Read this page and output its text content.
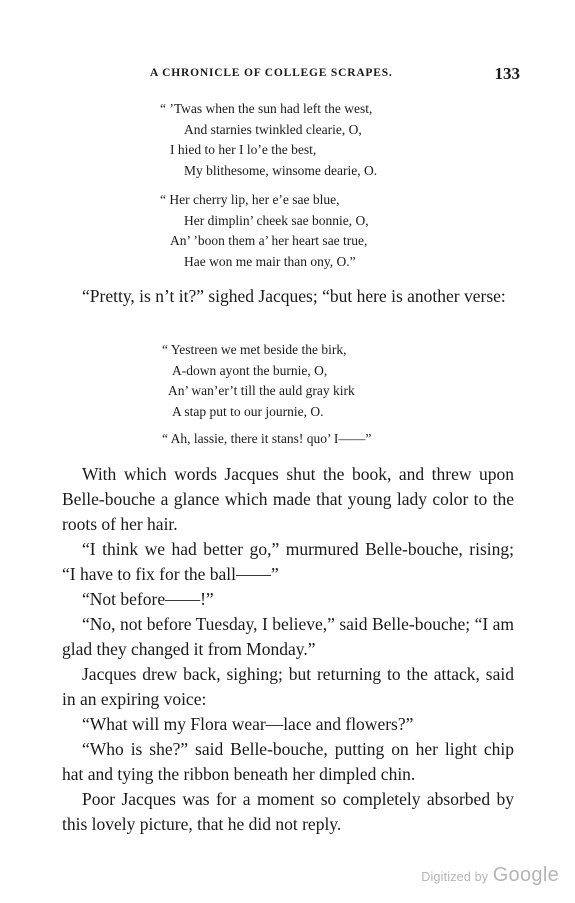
A CHRONICLE OF COLLEGE SCRAPES.	133
“ ’Twas when the sun had left the west,
And starnies twinkled clearie, O,
I hied to her I lo’e the best,
My blithesome, winsome dearie, O.
“ Her cherry lip, her e’e sae blue,
Her dimplin’ cheek sae bonnie, O,
An’ ’boon them a’ her heart sae true,
Hae won me mair than ony, O.”

“Pretty, is n’t it?” sighed Jacques; “but here is another verse:

“ Yestreen we met beside the birk,
A-down ayont the burnie, O,
An’ wan’er’t till the auld gray kirk
A stap put to our journie, O.
“ Ah, lassie, there it stans! quo’ I——”

With which words Jacques shut the book, and threw upon Belle-bouche a glance which made that young lady color to the roots of her hair.

“I think we had better go,” murmured Belle-bouche, rising; “I have to fix for the ball——”

“Not before——!”

“No, not before Tuesday, I believe,” said Belle-bouche; “I am glad they changed it from Monday.”

Jacques drew back, sighing; but returning to the attack, said in an expiring voice:

“What will my Flora wear—lace and flowers?”

“Who is she?” said Belle-bouche, putting on her light chip hat and tying the ribbon beneath her dimpled chin.

Poor Jacques was for a moment so completely absorbed by this lovely picture, that he did not reply.

Digitized by Google
